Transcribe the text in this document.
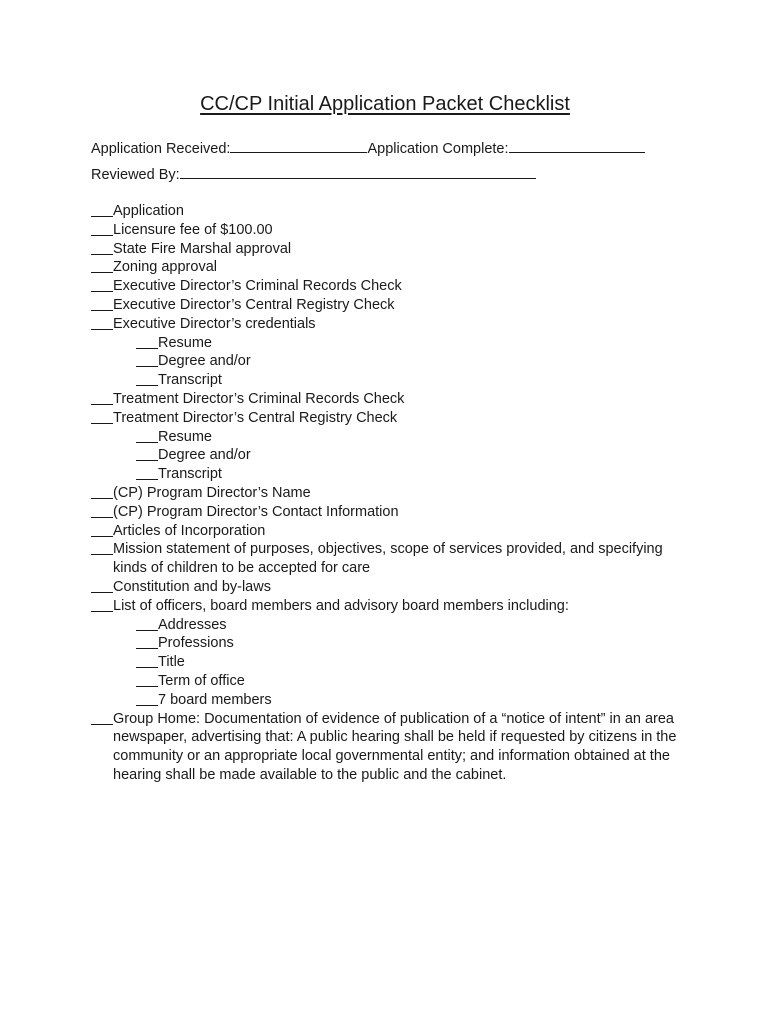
CC/CP Initial Application Packet Checklist
Application Received:	Application Complete:
Reviewed By:
Application
Licensure fee of $100.00
State Fire Marshal approval
Zoning approval
Executive Director’s Criminal Records Check
Executive Director’s Central Registry Check
Executive Director’s credentials
Resume
Degree and/or
Transcript
Treatment Director’s Criminal Records Check
Treatment Director’s Central Registry Check
Resume
Degree and/or
Transcript
(CP) Program Director’s Name
(CP) Program Director’s Contact Information
Articles of Incorporation
Mission statement of purposes, objectives, scope of services provided, and specifying kinds of children to be accepted for care
Constitution and by-laws
List of officers, board members and advisory board members including:
Addresses
Professions
Title
Term of office
7 board members
Group Home: Documentation of evidence of publication of a “notice of intent” in an area newspaper, advertising that: A public hearing shall be held if requested by citizens in the community or an appropriate local governmental entity; and information obtained at the hearing shall be made available to the public and the cabinet.
